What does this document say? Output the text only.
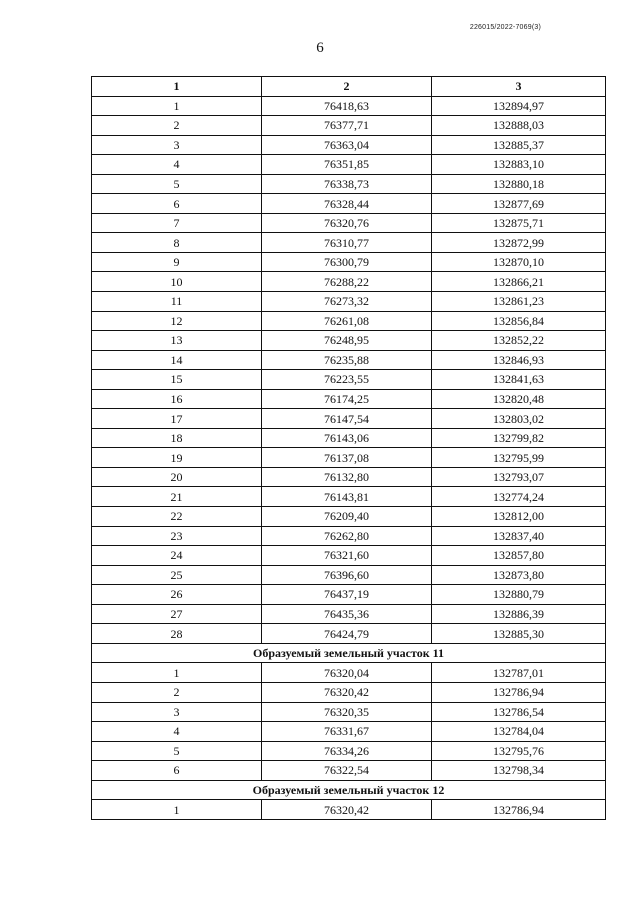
226015/2022-7069(3)
6
1	2	3
1	76418,63	132894,97
2	76377,71	132888,03
3	76363,04	132885,37
4	76351,85	132883,10
5	76338,73	132880,18
6	76328,44	132877,69
7	76320,76	132875,71
8	76310,77	132872,99
9	76300,79	132870,10
10	76288,22	132866,21
11	76273,32	132861,23
12	76261,08	132856,84
13	76248,95	132852,22
14	76235,88	132846,93
15	76223,55	132841,63
16	76174,25	132820,48
17	76147,54	132803,02
18	76143,06	132799,82
19	76137,08	132795,99
20	76132,80	132793,07
21	76143,81	132774,24
22	76209,40	132812,00
23	76262,80	132837,40
24	76321,60	132857,80
25	76396,60	132873,80
26	76437,19	132880,79
27	76435,36	132886,39
28	76424,79	132885,30
Образуемый земельный участок 11		
1	76320,04	132787,01
2	76320,42	132786,94
3	76320,35	132786,54
4	76331,67	132784,04
5	76334,26	132795,76
6	76322,54	132798,34
Образуемый земельный участок 12		
1	76320,42	132786,94
